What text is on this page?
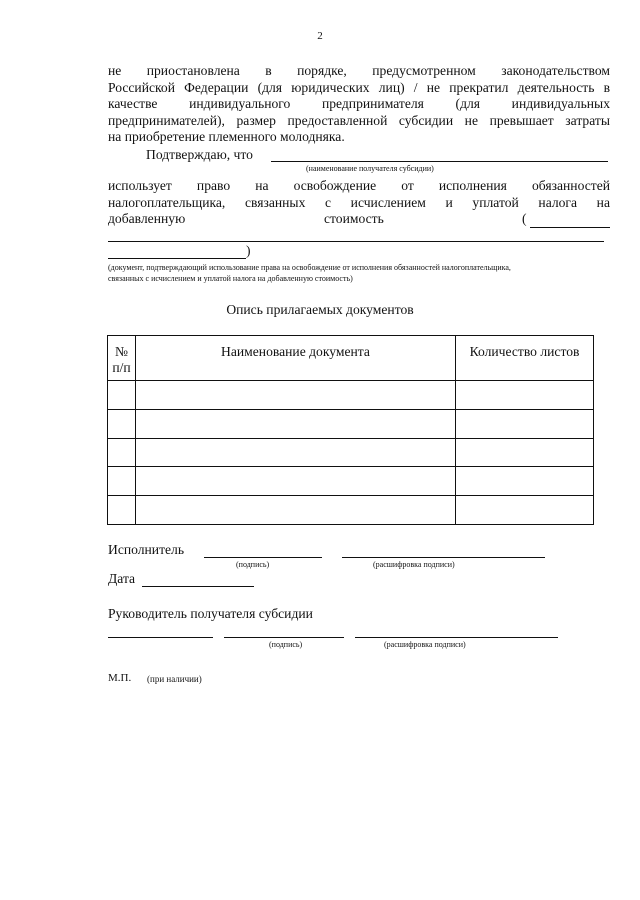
2
не приостановлена в порядке, предусмотренном законодательством
Российской Федерации (для юридических лиц) / не прекратил деятельность в
качестве индивидуального предпринимателя (для индивидуальных
предпринимателей), размер предоставленной субсидии не превышает затраты
на приобретение племенного молодняка.
Подтверждаю, что
(наименование получателя субсидии)
использует право на освобождение от исполнения обязанностей
налогоплательщика, связанных с исчислением и уплатой налога на
добавленную	стоимость	(
)
(документ, подтверждающий использование права на освобождение от исполнения обязанностей налогоплательщика,
связанных с исчислением и уплатой налога на добавленную стоимость)
Опись прилагаемых документов
№
п/п	Наименование документа	Количество листов

Исполнитель
(подпись)	(расшифровка подписи)
Дата
Руководитель получателя субсидии
(подпись)	(расшифровка подписи)
М.П. (при наличии)
